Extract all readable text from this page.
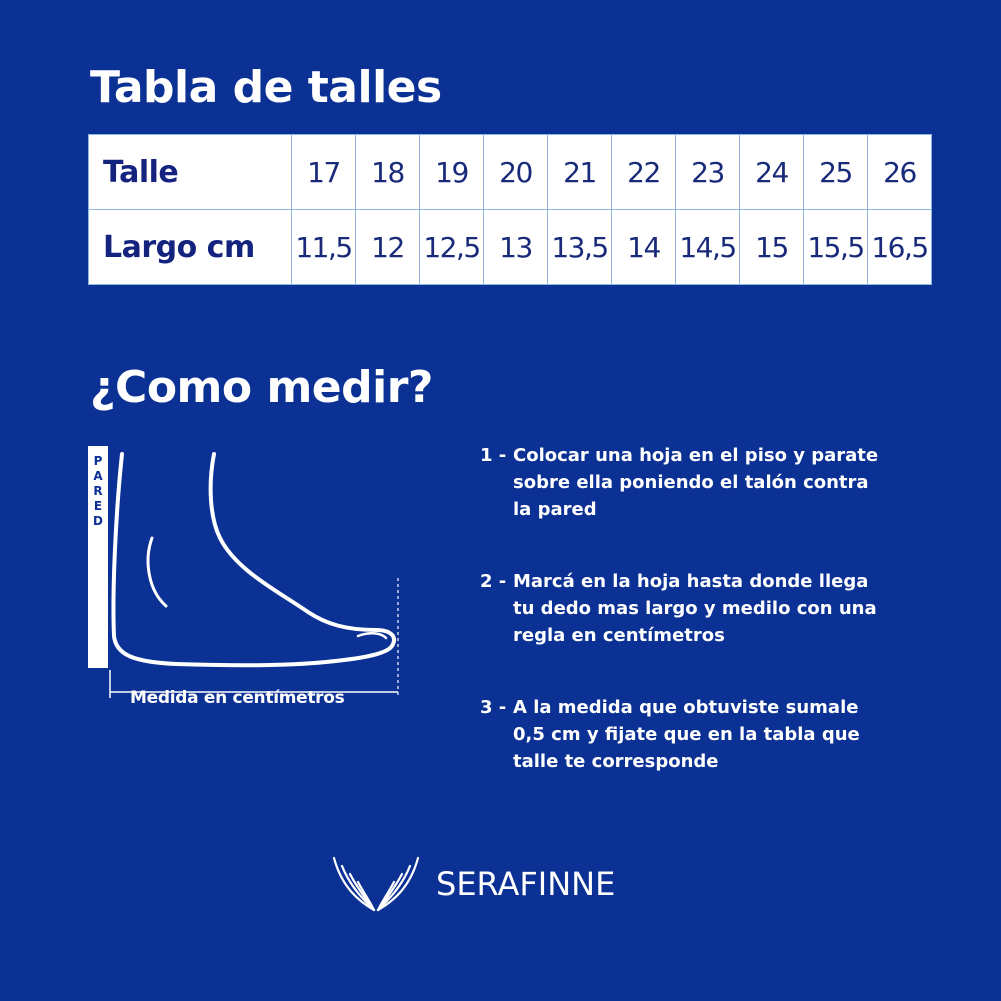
Tabla de talles
Talle	17	18	19	20	21	22	23	24	25	26
Largo cm	11,5	12	12,5	13	13,5	14	14,5	15	15,5	16,5
¿Como medir?
P
A
R
E
D
Medida en centímetros
1 - Colocar una hoja en el piso y parate
sobre ella poniendo el talón contra
la pared
2 - Marcá en la hoja hasta donde llega
tu dedo mas largo y medilo con una
regla en centímetros
3 - A la medida que obtuviste sumale
0,5 cm y fijate que en la tabla que
talle te corresponde
SERAFINNE
